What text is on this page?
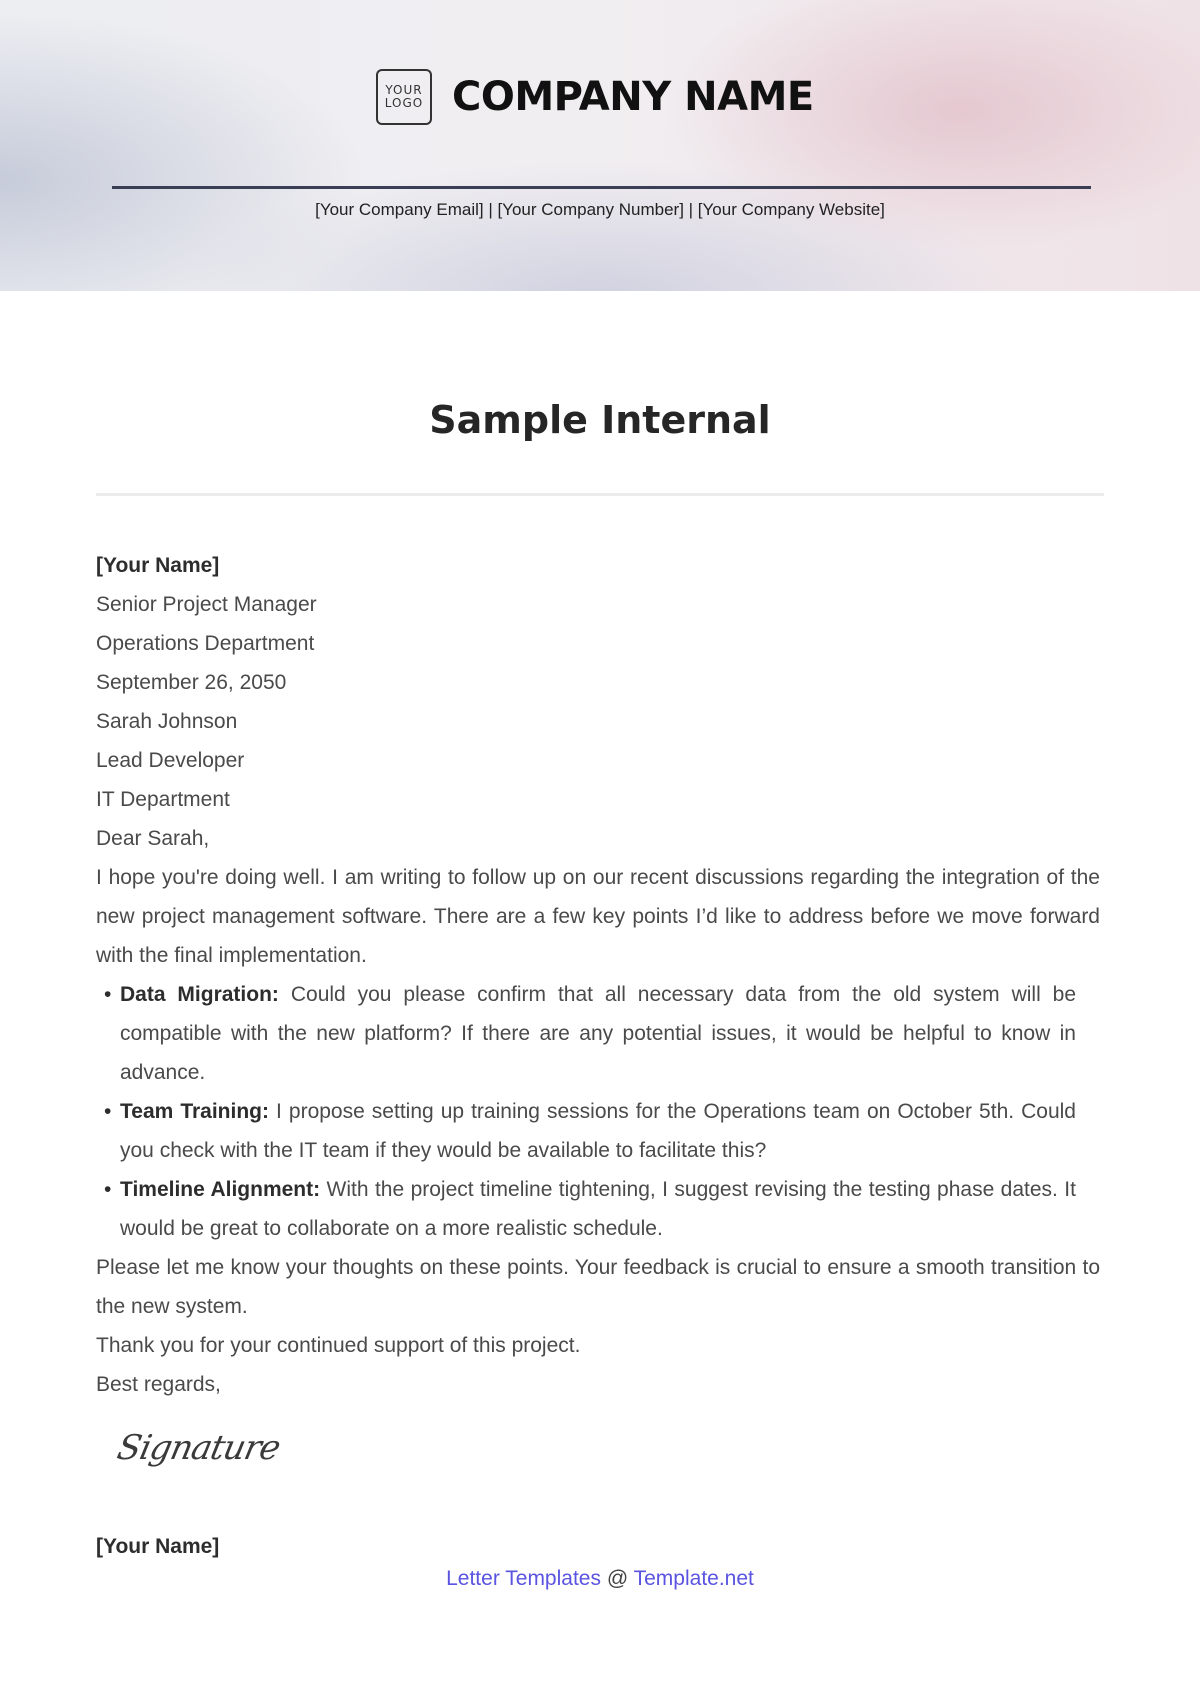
YOUR
LOGO COMPANY NAME
[Your Company Email] | [Your Company Number] | [Your Company Website]
Sample Internal
[Your Name]
Senior Project Manager
Operations Department
September 26, 2050
Sarah Johnson
Lead Developer
IT Department
Dear Sarah,
I hope you're doing well. I am writing to follow up on our recent discussions regarding the integration of the new project management software. There are a few key points I’d like to address before we move forward with the final implementation.
• Data Migration: Could you please confirm that all necessary data from the old system will be compatible with the new platform? If there are any potential issues, it would be helpful to know in advance.
• Team Training: I propose setting up training sessions for the Operations team on October 5th. Could you check with the IT team if they would be available to facilitate this?
• Timeline Alignment: With the project timeline tightening, I suggest revising the testing phase dates. It would be great to collaborate on a more realistic schedule.
Please let me know your thoughts on these points. Your feedback is crucial to ensure a smooth transition to the new system.
Thank you for your continued support of this project.
Best regards,
Signature
[Your Name]
Letter Templates @ Template.net
